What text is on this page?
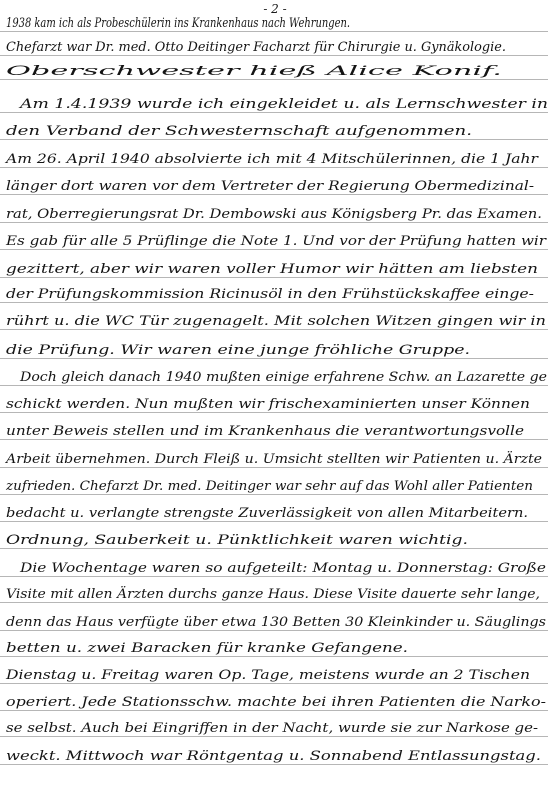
- 2 -
1938 kam ich als Probeschülerin ins Krankenhaus nach Wehrungen.
Chefarzt war Dr. med. Otto Deitinger Facharzt für Chirurgie u. Gynäkologie.
Oberschwester hieß Alice Konif.
Am 1.4.1939 wurde ich eingekleidet u. als Lernschwester in
den Verband der Schwesternschaft aufgenommen.
Am 26. April 1940 absolvierte ich mit 4 Mitschülerinnen, die 1 Jahr
länger dort waren vor dem Vertreter der Regierung Obermedizinal-
rat, Oberregierungsrat Dr. Dembowski aus Königsberg Pr. das Examen.
Es gab für alle 5 Prüflinge die Note 1. Und vor der Prüfung hatten wir
gezittert, aber wir waren voller Humor wir hätten am liebsten
der Prüfungskommission Ricinusöl in den Frühstückskaffee einge-
rührt u. die WC Tür zugenagelt. Mit solchen Witzen gingen wir in
die Prüfung. Wir waren eine junge fröhliche Gruppe.
Doch gleich danach 1940 mußten einige erfahrene Schw. an Lazarette ge
schickt werden. Nun mußten wir frischexaminierten unser Können
unter Beweis stellen und im Krankenhaus die verantwortungsvolle
Arbeit übernehmen. Durch Fleiß u. Umsicht stellten wir Patienten u. Ärzte
zufrieden. Chefarzt Dr. med. Deitinger war sehr auf das Wohl aller Patienten
bedacht u. verlangte strengste Zuverlässigkeit von allen Mitarbeitern.
Ordnung, Sauberkeit u. Pünktlichkeit waren wichtig.
Die Wochentage waren so aufgeteilt: Montag u. Donnerstag: Große
Visite mit allen Ärzten durchs ganze Haus. Diese Visite dauerte sehr lange,
denn das Haus verfügte über etwa 130 Betten 30 Kleinkinder u. Säuglings
betten u. zwei Baracken für kranke Gefangene.
Dienstag u. Freitag waren Op. Tage, meistens wurde an 2 Tischen
operiert. Jede Stationsschw. machte bei ihren Patienten die Narko-
se selbst. Auch bei Eingriffen in der Nacht, wurde sie zur Narkose ge-
weckt. Mittwoch war Röntgentag u. Sonnabend Entlassungstag.
